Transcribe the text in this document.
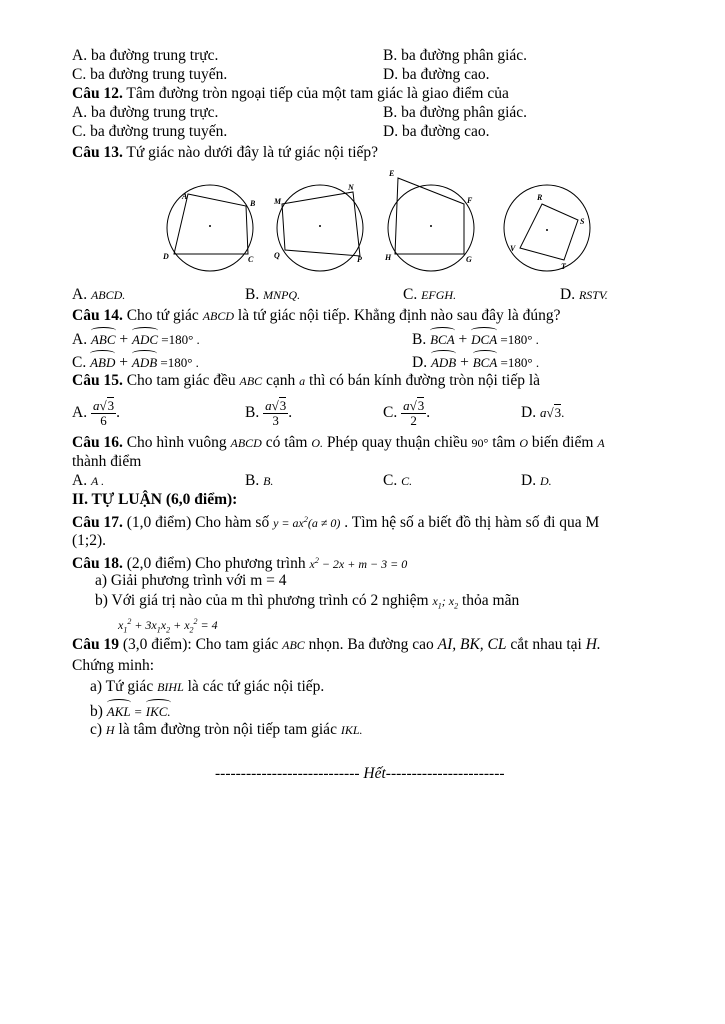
A. ba đường trung trực.	B. ba đường phân giác.
C. ba đường trung tuyến.	D. ba đường cao.
Câu 12. Tâm đường tròn ngoại tiếp của một tam giác là giao điểm của
A. ba đường trung trực.	B. ba đường phân giác.
C. ba đường trung tuyến.	D. ba đường cao.
Câu 13. Tứ giác nào dưới đây là tứ giác nội tiếp?
A
B
C
D
M
N
P
Q
E
F
G
H
R
S
T
V
A. ABCD.	B. MNPQ.	C. EFGH.	D. RSTV.
Câu 14. Cho tứ giác ABCD là tứ giác nội tiếp. Khẳng định nào sau đây là đúng?
A. ABC + ADC =180° .	B. BCA + DCA =180° .
C. ABD + ADB =180° .	D. ADB + BCA =180° .
Câu 15. Cho tam giác đều ABC cạnh a thì có bán kính đường tròn nội tiếp là
A. $\frac{a√3}{6}$ .	B. $\frac{a√3}{3}$ .	C. $\frac{a√3}{2}$ .	D. a√3.
Câu 16. Cho hình vuông ABCD có tâm O. Phép quay thuận chiều 90° tâm O biến điểm A
thành điểm
A. A .	B. B.	C. C.	D. D.
II. TỰ LUẬN (6,0 điểm):
Câu 17. (1,0 điểm) Cho hàm số $y = ax^2(a \ne 0)$ . Tìm hệ số a biết đồ thị hàm số đi qua M
(1;2).
Câu 18. (2,0 điểm) Cho phương trình $x^2 - 2x + m - 3 = 0$
a) Giải phương trình với m = 4
b) Với giá trị nào của m thì phương trình có 2 nghiệm $x_1$; $x_2$ thỏa mãn
$x_1^2 + 3x_1x_2 + x_2^2 = 4$
Câu 19 (3,0 điểm): Cho tam giác ABC nhọn. Ba đường cao AI, BK, CL cắt nhau tại H.
Chứng minh:
a) Tứ giác BIHL là các tứ giác nội tiếp.
b) AKL = IKC.
c) H là tâm đường tròn nội tiếp tam giác IKL.
---------------------------- Hết-----------------------
